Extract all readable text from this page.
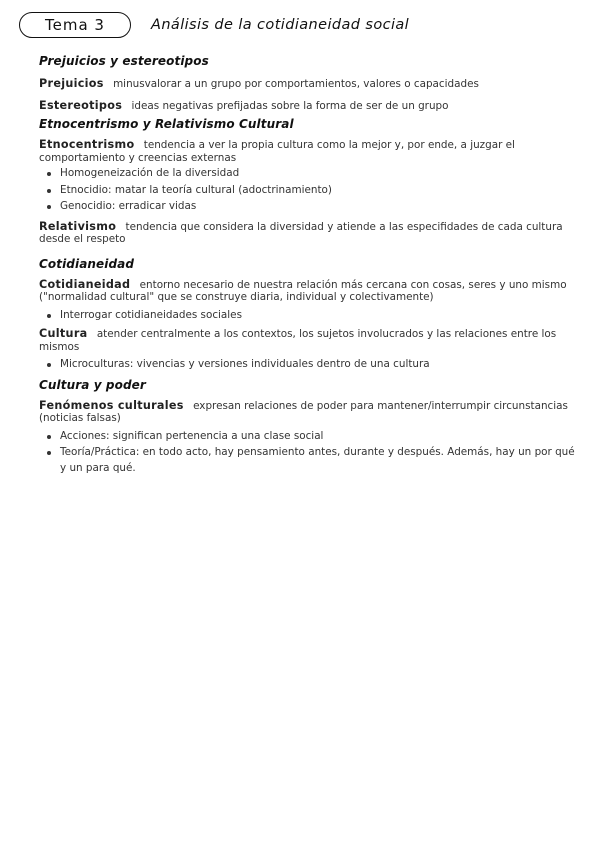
Tema 3	Análisis de la cotidianeidad social
Prejuicios y estereotipos

Prejuicios minusvalorar a un grupo por comportamientos, valores o capacidades

Estereotipos ideas negativas prefijadas sobre la forma de ser de un grupo

Etnocentrismo y Relativismo Cultural

Etnocentrismo tendencia a ver la propia cultura como la mejor y, por ende, a juzgar el comportamiento y creencias externas

Homogeneización de la diversidad
Etnocidio: matar la teoría cultural (adoctrinamiento)
Genocidio: erradicar vidas

Relativismo tendencia que considera la diversidad y atiende a las especifidades de cada cultura desde el respeto

Cotidianeidad

Cotidianeidad entorno necesario de nuestra relación más cercana con cosas, seres y uno mismo ("normalidad cultural" que se construye diaria, individual y colectivamente)

Interrogar cotidianeidades sociales

Cultura atender centralmente a los contextos, los sujetos involucrados y las relaciones entre los mismos

Microculturas: vivencias y versiones individuales dentro de una cultura
Cultura y poder

Fenómenos culturales expresan relaciones de poder para mantener/interrumpir circunstancias (noticias falsas)

Acciones: significan pertenencia a una clase social
Teoría/Práctica: en todo acto, hay pensamiento antes, durante y después. Además, hay un por qué y un para qué.
